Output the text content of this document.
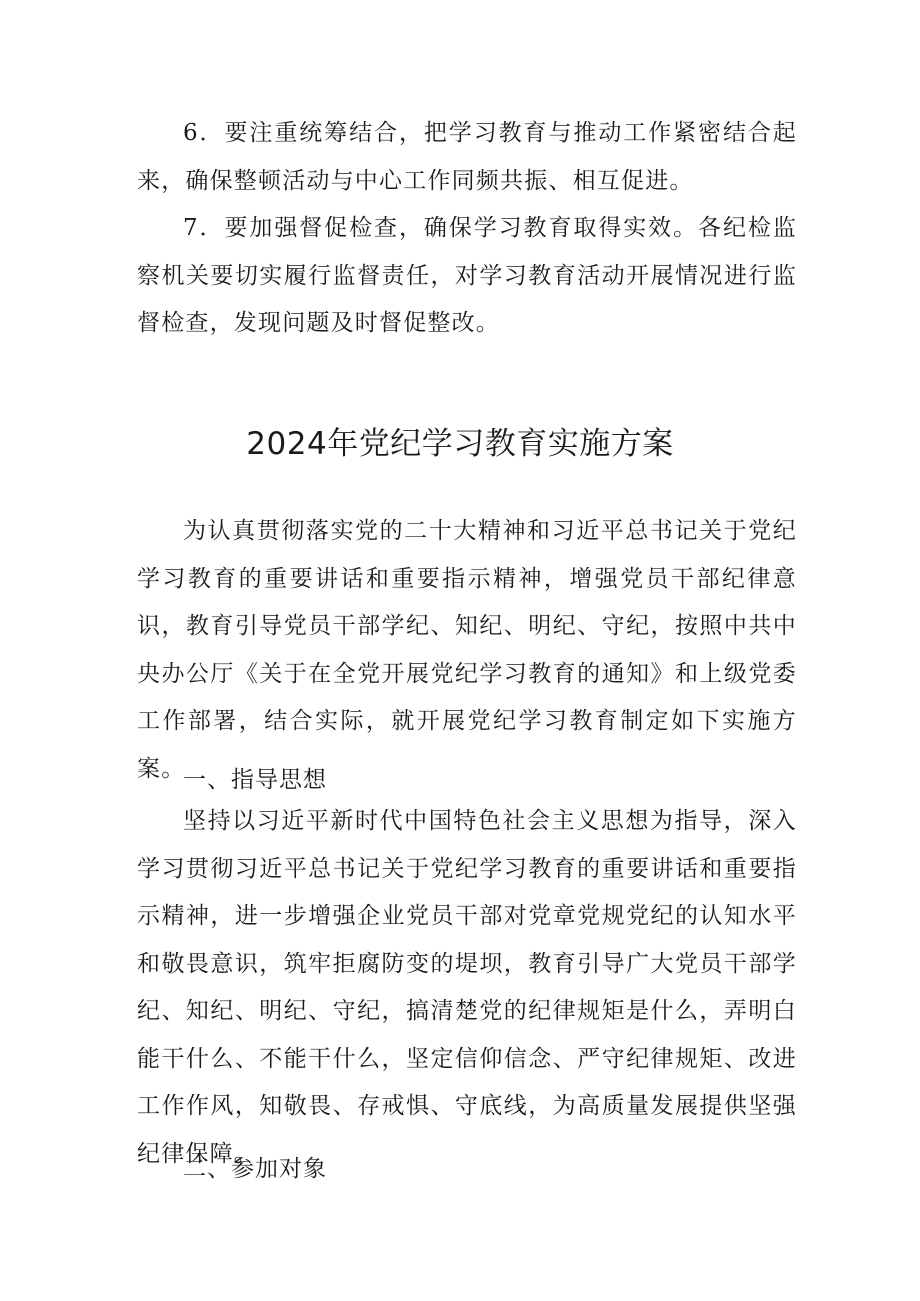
6．要注重统筹结合，把学习教育与推动工作紧密结合起来，确保整顿活动与中心工作同频共振、相互促进。

7．要加强督促检查，确保学习教育取得实效。各纪检监察机关要切实履行监督责任，对学习教育活动开展情况进行监督检查，发现问题及时督促整改。

2024年党纪学习教育实施方案

为认真贯彻落实党的二十大精神和习近平总书记关于党纪学习教育的重要讲话和重要指示精神，增强党员干部纪律意识，教育引导党员干部学纪、知纪、明纪、守纪，按照中共中央办公厅《关于在全党开展党纪学习教育的通知》和上级党委工作部署，结合实际，就开展党纪学习教育制定如下实施方案。

一、指导思想

坚持以习近平新时代中国特色社会主义思想为指导，深入学习贯彻习近平总书记关于党纪学习教育的重要讲话和重要指示精神，进一步增强企业党员干部对党章党规党纪的认知水平和敬畏意识，筑牢拒腐防变的堤坝，教育引导广大党员干部学纪、知纪、明纪、守纪，搞清楚党的纪律规矩是什么，弄明白能干什么、不能干什么，坚定信仰信念、严守纪律规矩、改进工作作风，知敬畏、存戒惧、守底线，为高质量发展提供坚强纪律保障。

二、参加对象
